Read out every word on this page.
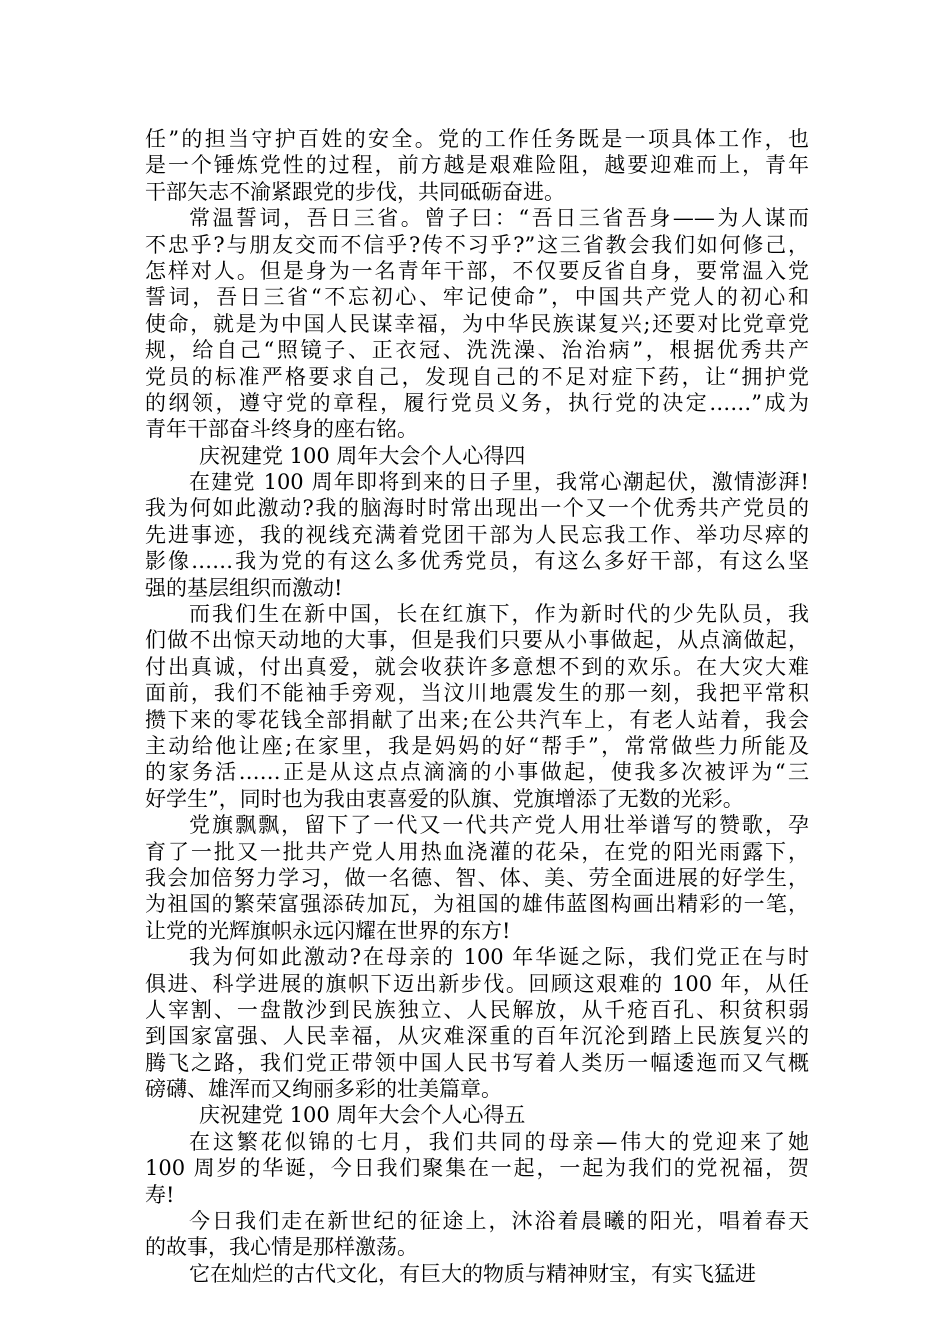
任”的担当守护百姓的安全。党的工作任务既是一项具体工作，也
是一个锤炼党性的过程，前方越是艰难险阻，越要迎难而上，青年
干部矢志不渝紧跟党的步伐，共同砥砺奋进。
常温誓词，吾日三省。曾子曰：“吾日三省吾身——为人谋而
不忠乎?与朋友交而不信乎?传不习乎?”这三省教会我们如何修己，
怎样对人。但是身为一名青年干部，不仅要反省自身，要常温入党
誓词，吾日三省“不忘初心、牢记使命”，中国共产党人的初心和
使命，就是为中国人民谋幸福，为中华民族谋复兴;还要对比党章党
规，给自己“照镜子、正衣冠、洗洗澡、治治病”，根据优秀共产
党员的标准严格要求自己，发现自己的不足对症下药，让“拥护党
的纲领，遵守党的章程，履行党员义务，执行党的决定……”成为
青年干部奋斗终身的座右铭。
庆祝建党 100 周年大会个人心得四
在建党 100 周年即将到来的日子里，我常心潮起伏，激情澎湃!
我为何如此激动?我的脑海时时常出现出一个又一个优秀共产党员的
先进事迹，我的视线充满着党团干部为人民忘我工作、举功尽瘁的
影像……我为党的有这么多优秀党员，有这么多好干部，有这么坚
强的基层组织而激动!
而我们生在新中国，长在红旗下，作为新时代的少先队员，我
们做不出惊天动地的大事，但是我们只要从小事做起，从点滴做起，
付出真诚，付出真爱，就会收获许多意想不到的欢乐。在大灾大难
面前，我们不能袖手旁观，当汶川地震发生的那一刻，我把平常积
攒下来的零花钱全部捐献了出来;在公共汽车上，有老人站着，我会
主动给他让座;在家里，我是妈妈的好“帮手”，常常做些力所能及
的家务活……正是从这点点滴滴的小事做起，使我多次被评为“三
好学生”，同时也为我由衷喜爱的队旗、党旗增添了无数的光彩。
党旗飘飘，留下了一代又一代共产党人用壮举谱写的赞歌，孕
育了一批又一批共产党人用热血浇灌的花朵，在党的阳光雨露下，
我会加倍努力学习，做一名德、智、体、美、劳全面进展的好学生，
为祖国的繁荣富强添砖加瓦，为祖国的雄伟蓝图构画出精彩的一笔，
让党的光辉旗帜永远闪耀在世界的东方!
我为何如此激动?在母亲的 100 年华诞之际，我们党正在与时
俱进、科学进展的旗帜下迈出新步伐。回顾这艰难的 100 年，从任
人宰割、一盘散沙到民族独立、人民解放，从千疮百孔、积贫积弱
到国家富强、人民幸福，从灾难深重的百年沉沦到踏上民族复兴的
腾飞之路，我们党正带领中国人民书写着人类历一幅逶迤而又气概
磅礴、雄浑而又绚丽多彩的壮美篇章。
庆祝建党 100 周年大会个人心得五
在这繁花似锦的七月，我们共同的母亲—伟大的党迎来了她
100 周岁的华诞，今日我们聚集在一起，一起为我们的党祝福，贺
寿!
今日我们走在新世纪的征途上，沐浴着晨曦的阳光，唱着春天
的故事，我心情是那样激荡。
它在灿烂的古代文化，有巨大的物质与精神财宝，有实飞猛进
